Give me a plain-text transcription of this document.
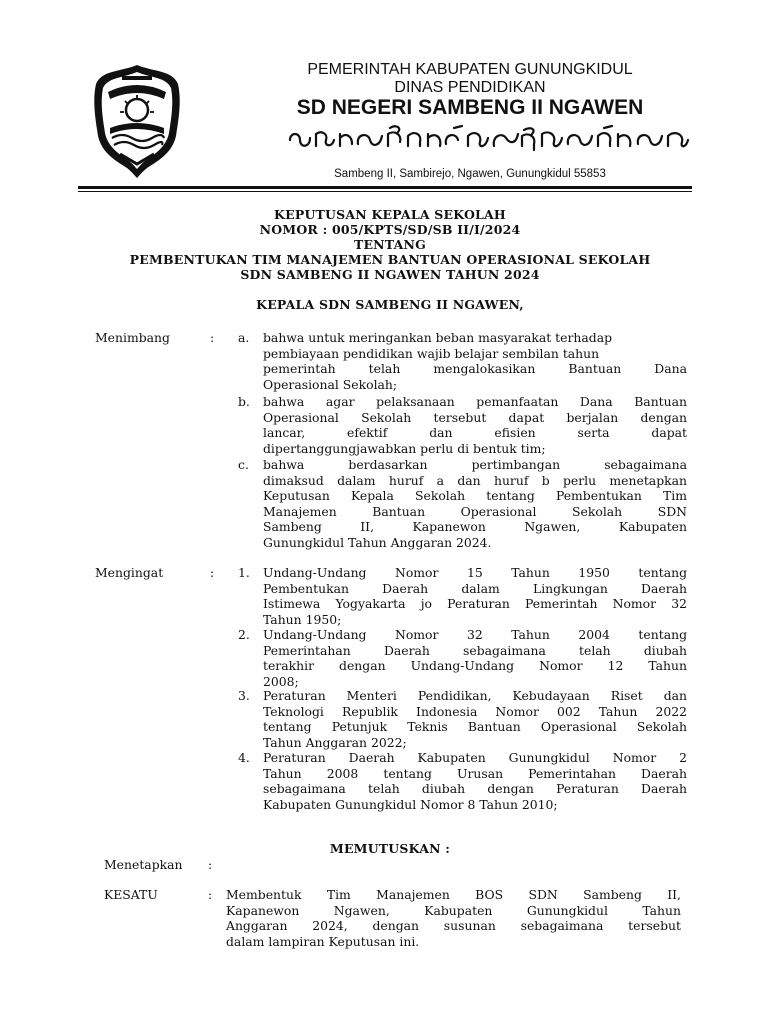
PEMERINTAH KABUPATEN GUNUNGKIDUL
DINAS PENDIDIKAN
SD NEGERI SAMBENG II NGAWEN
Sambeng II, Sambirejo, Ngawen, Gunungkidul 55853
KEPUTUSAN KEPALA SEKOLAH
NOMOR : 005/KPTS/SD/SB II/I/2024
TENTANG
PEMBENTUKAN TIM MANAJEMEN BANTUAN OPERASIONAL SEKOLAH
SDN SAMBENG II NGAWEN TAHUN 2024
KEPALA SDN SAMBENG II NGAWEN,
Menimbang	:	a.	bahwa untuk meringankan beban masyarakat terhadap
pembiayaan pendidikan wajib belajar sembilan tahun
pemerintah telah mengalokasikan Bantuan Dana
Operasional Sekolah;
b.	bahwa agar pelaksanaan pemanfaatan Dana Bantuan
Operasional Sekolah tersebut dapat berjalan dengan
lancar, efektif dan efisien serta dapat
dipertanggungjawabkan perlu di bentuk tim;
c.	bahwa berdasarkan pertimbangan sebagaimana
dimaksud dalam huruf a dan huruf b perlu menetapkan
Keputusan Kepala Sekolah tentang Pembentukan Tim
Manajemen Bantuan Operasional Sekolah SDN
Sambeng II, Kapanewon Ngawen, Kabupaten
Gunungkidul Tahun Anggaran 2024.
Mengingat	:	1.	Undang-Undang Nomor 15 Tahun 1950 tentang
Pembentukan Daerah dalam Lingkungan Daerah
Istimewa Yogyakarta jo Peraturan Pemerintah Nomor 32
Tahun 1950;
2.	Undang-Undang Nomor 32 Tahun 2004 tentang
Pemerintahan Daerah sebagaimana telah diubah
terakhir dengan Undang-Undang Nomor 12 Tahun
2008;
3.	Peraturan Menteri Pendidikan, Kebudayaan Riset dan
Teknologi Republik Indonesia Nomor 002 Tahun 2022
tentang Petunjuk Teknis Bantuan Operasional Sekolah
Tahun Anggaran 2022;
4.	Peraturan Daerah Kabupaten Gunungkidul Nomor 2
Tahun 2008 tentang Urusan Pemerintahan Daerah
sebagaimana telah diubah dengan Peraturan Daerah
Kabupaten Gunungkidul Nomor 8 Tahun 2010;
MEMUTUSKAN :
Menetapkan :
KESATU	:	Membentuk Tim Manajemen BOS SDN Sambeng II,
Kapanewon Ngawen, Kabupaten Gunungkidul Tahun
Anggaran 2024, dengan susunan sebagaimana tersebut
dalam lampiran Keputusan ini.
